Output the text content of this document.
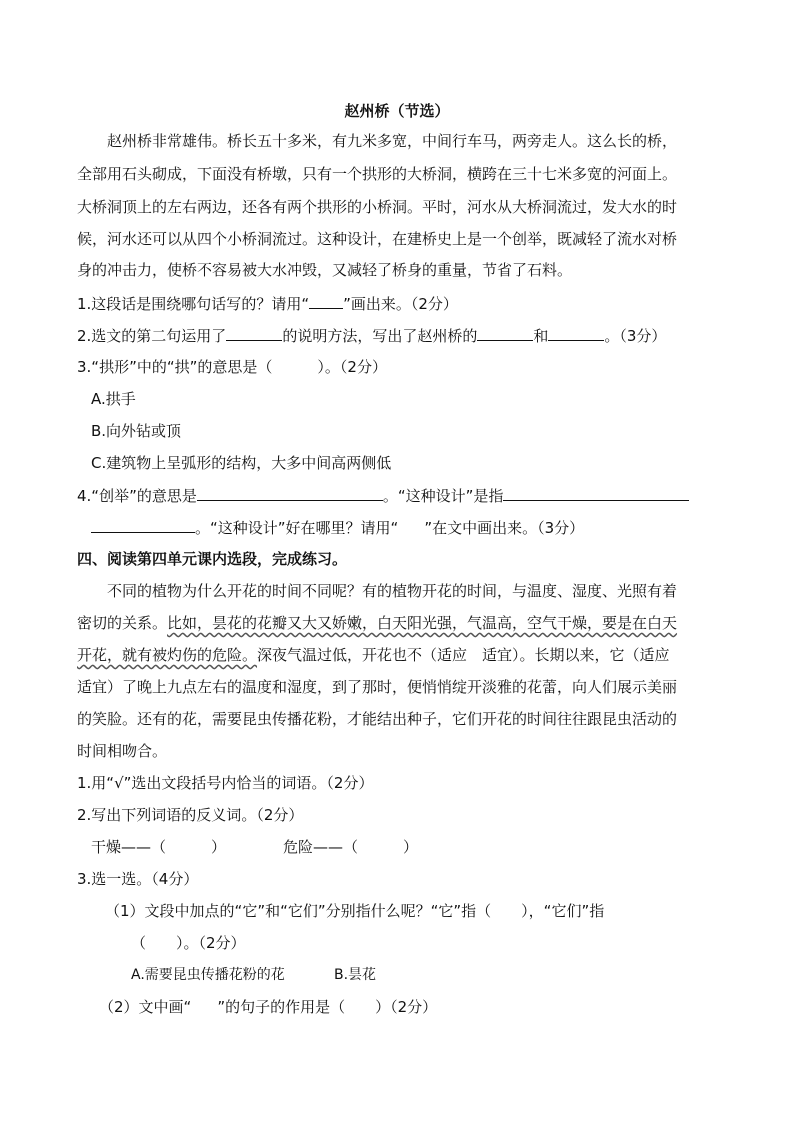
赵州桥（节选）
赵州桥非常雄伟。桥长五十多米，有九米多宽，中间行车马，两旁走人。这么长的桥，
全部用石头砌成，下面没有桥墩，只有一个拱形的大桥洞，横跨在三十七米多宽的河面上。
大桥洞顶上的左右两边，还各有两个拱形的小桥洞。平时，河水从大桥洞流过，发大水的时
候，河水还可以从四个小桥洞流过。这种设计，在建桥史上是一个创举，既减轻了流水对桥
身的冲击力，使桥不容易被大水冲毁，又减轻了桥身的重量，节省了石料。
1.这段话是围绕哪句话写的？请用“ ”画出来。（2分）
2.选文的第二句运用了	的说明方法，写出了赵州桥的	和	。（3分）
3.“拱形”中的“拱”的意思是（　　　）。（2分）
A.拱手
B.向外钻或顶
C.建筑物上呈弧形的结构，大多中间高两侧低
4.“创举”的意思是	。“这种设计”是指
。“这种设计”好在哪里？请用“ ”在文中画出来。（3分）
四、阅读第四单元课内选段，完成练习。
不同的植物为什么开花的时间不同呢？有的植物开花的时间，与温度、湿度、光照有着
密切的关系。比如，昙花的花瓣又大又娇嫩，白天阳光强，气温高，空气干燥，要是在白天
开花，就有被灼伤的危险。深夜气温过低，开花也不（适应　适宜）。长期以来，它（适应
适宜）了晚上九点左右的温度和湿度，到了那时，便悄悄绽开淡雅的花蕾，向人们展示美丽
的笑脸。还有的花，需要昆虫传播花粉，才能结出种子，它们开花的时间往往跟昆虫活动的
时间相吻合。
1.用“√”选出文段括号内恰当的词语。（2分）
2.写出下列词语的反义词。（2分）
干燥——（　　　）	危险——（　　　）
3.选一选。（4分）
（1）文段中加点的“它”和“它们”分别指什么呢？“它”指（　　），“它们”指
（　　）。（2分）
A.需要昆虫传播花粉的花	B.昙花
（2）文中画“ ”的句子的作用是（　　）（2分）
